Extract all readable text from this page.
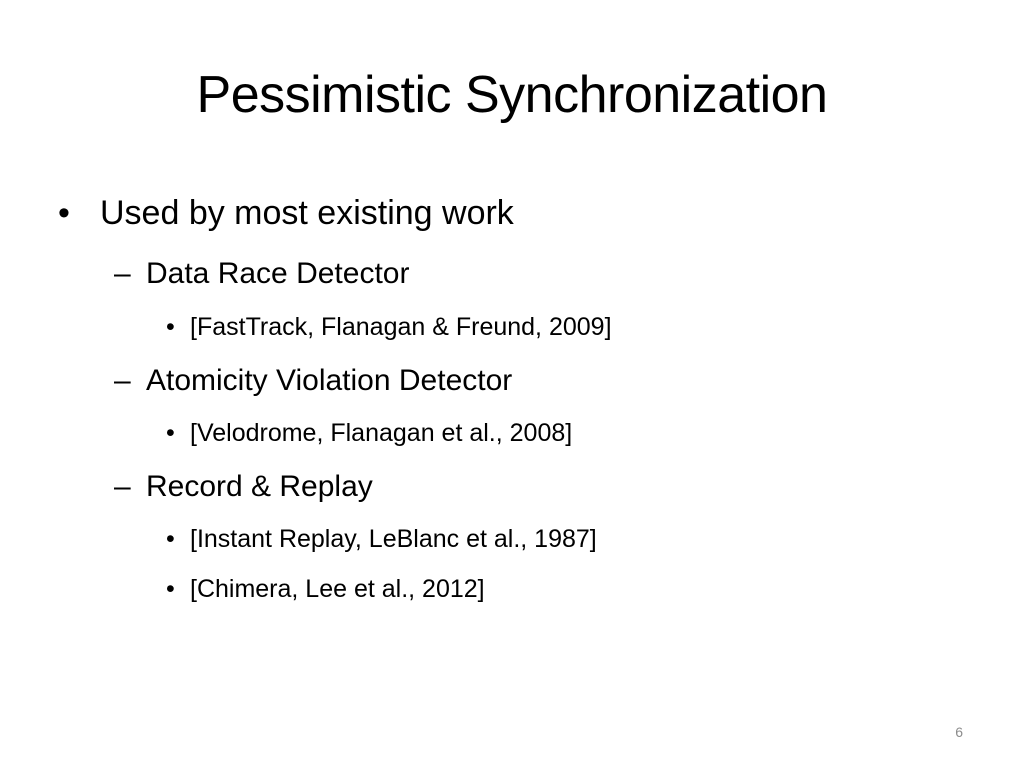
Pessimistic Synchronization
• Used by most existing work
– Data Race Detector
• [FastTrack, Flanagan & Freund, 2009]
– Atomicity Violation Detector
• [Velodrome, Flanagan et al., 2008]
– Record & Replay
• [Instant Replay, LeBlanc et al., 1987]
• [Chimera, Lee et al., 2012]
6
